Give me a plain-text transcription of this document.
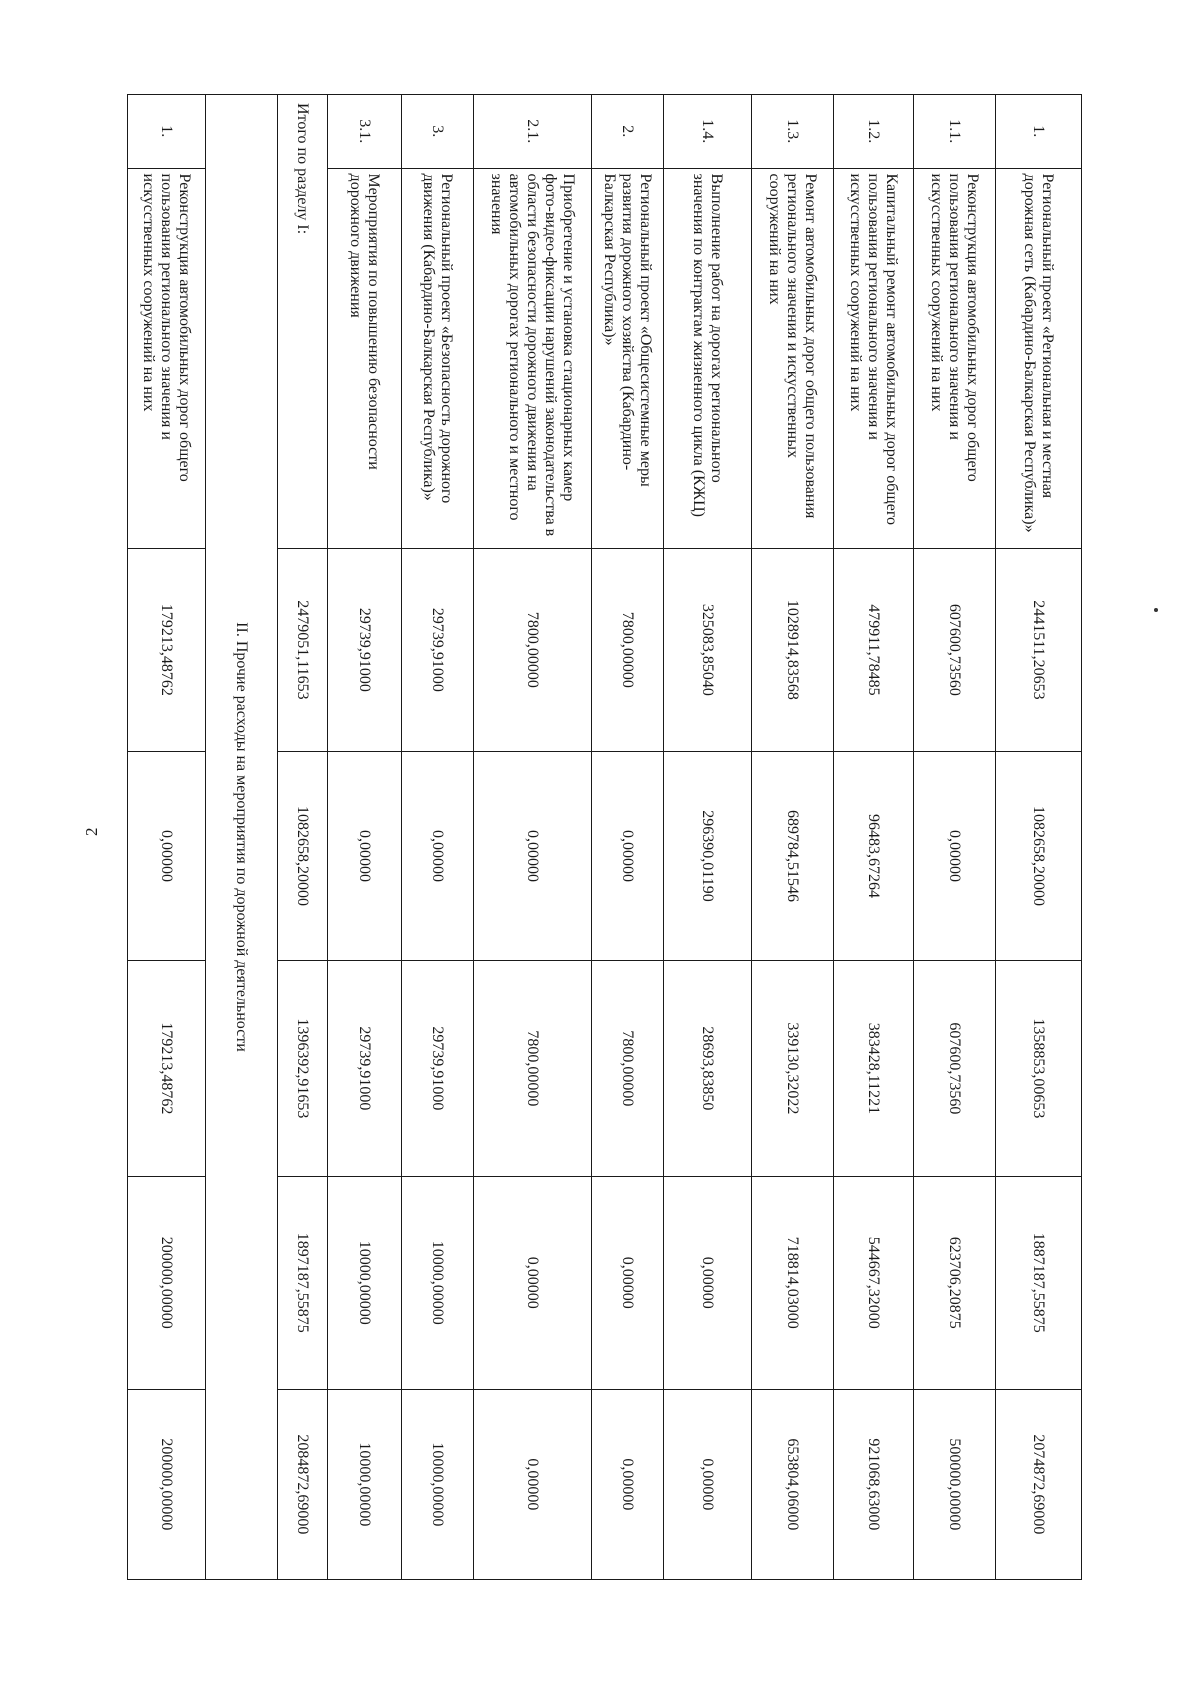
2
1.	Региональный проект «Региональная и местная дорожная сеть (Кабардино-Балкарская Республика)»	2441511,20653	1082658,20000	1358853,00653	1887187,55875	2074872,69000
1.1.	Реконструкция автомобильных дорог общего пользования регионального значения и искусственных сооружений на них	607600,73560	0,00000	607600,73560	623706,20875	500000,00000
1.2.	Капитальный ремонт автомобильных дорог общего пользования регионального значения и искусственных сооружений на них	479911,78485	96483,67264	383428,11221	544667,32000	921068,63000
1.3.	Ремонт автомобильных дорог общего пользования регионального значения и искусственных сооружений на них	1028914,83568	689784,51546	339130,32022	718814,03000	653804,06000
1.4.	Выполнение работ на дорогах регионального значения по контрактам жизненного цикла (КЖЦ)	325083,85040	296390,01190	28693,83850	0,00000	0,00000
2.	Региональный проект «Общесистемные меры развития дорожного хозяйства (Кабардино-Балкарская Республика)»	7800,00000	0,00000	7800,00000	0,00000	0,00000
2.1.	Приобретение и установка стационарных камер фото-видео-фиксации нарушений законодательства в области безопасности дорожного движения на автомобильных дорогах регионального и местного значения	7800,00000	0,00000	7800,00000	0,00000	0,00000
3.	Региональный проект «Безопасность дорожного движения (Кабардино-Балкарская Республика)»	29739,91000	0,00000	29739,91000	10000,00000	10000,00000
3.1.	Мероприятия по повышению безопасности дорожного движения	29739,91000	0,00000	29739,91000	10000,00000	10000,00000
Итого по разделу I:		2479051,11653	1082658,20000	1396392,91653	1897187,55875	2084872,69000
II. Прочие расходы на мероприятия по дорожной деятельности						
1.	Реконструкция автомобильных дорог общего пользования регионального значения и искусственных сооружений на них	179213,48762	0,00000	179213,48762	200000,00000	200000,00000
